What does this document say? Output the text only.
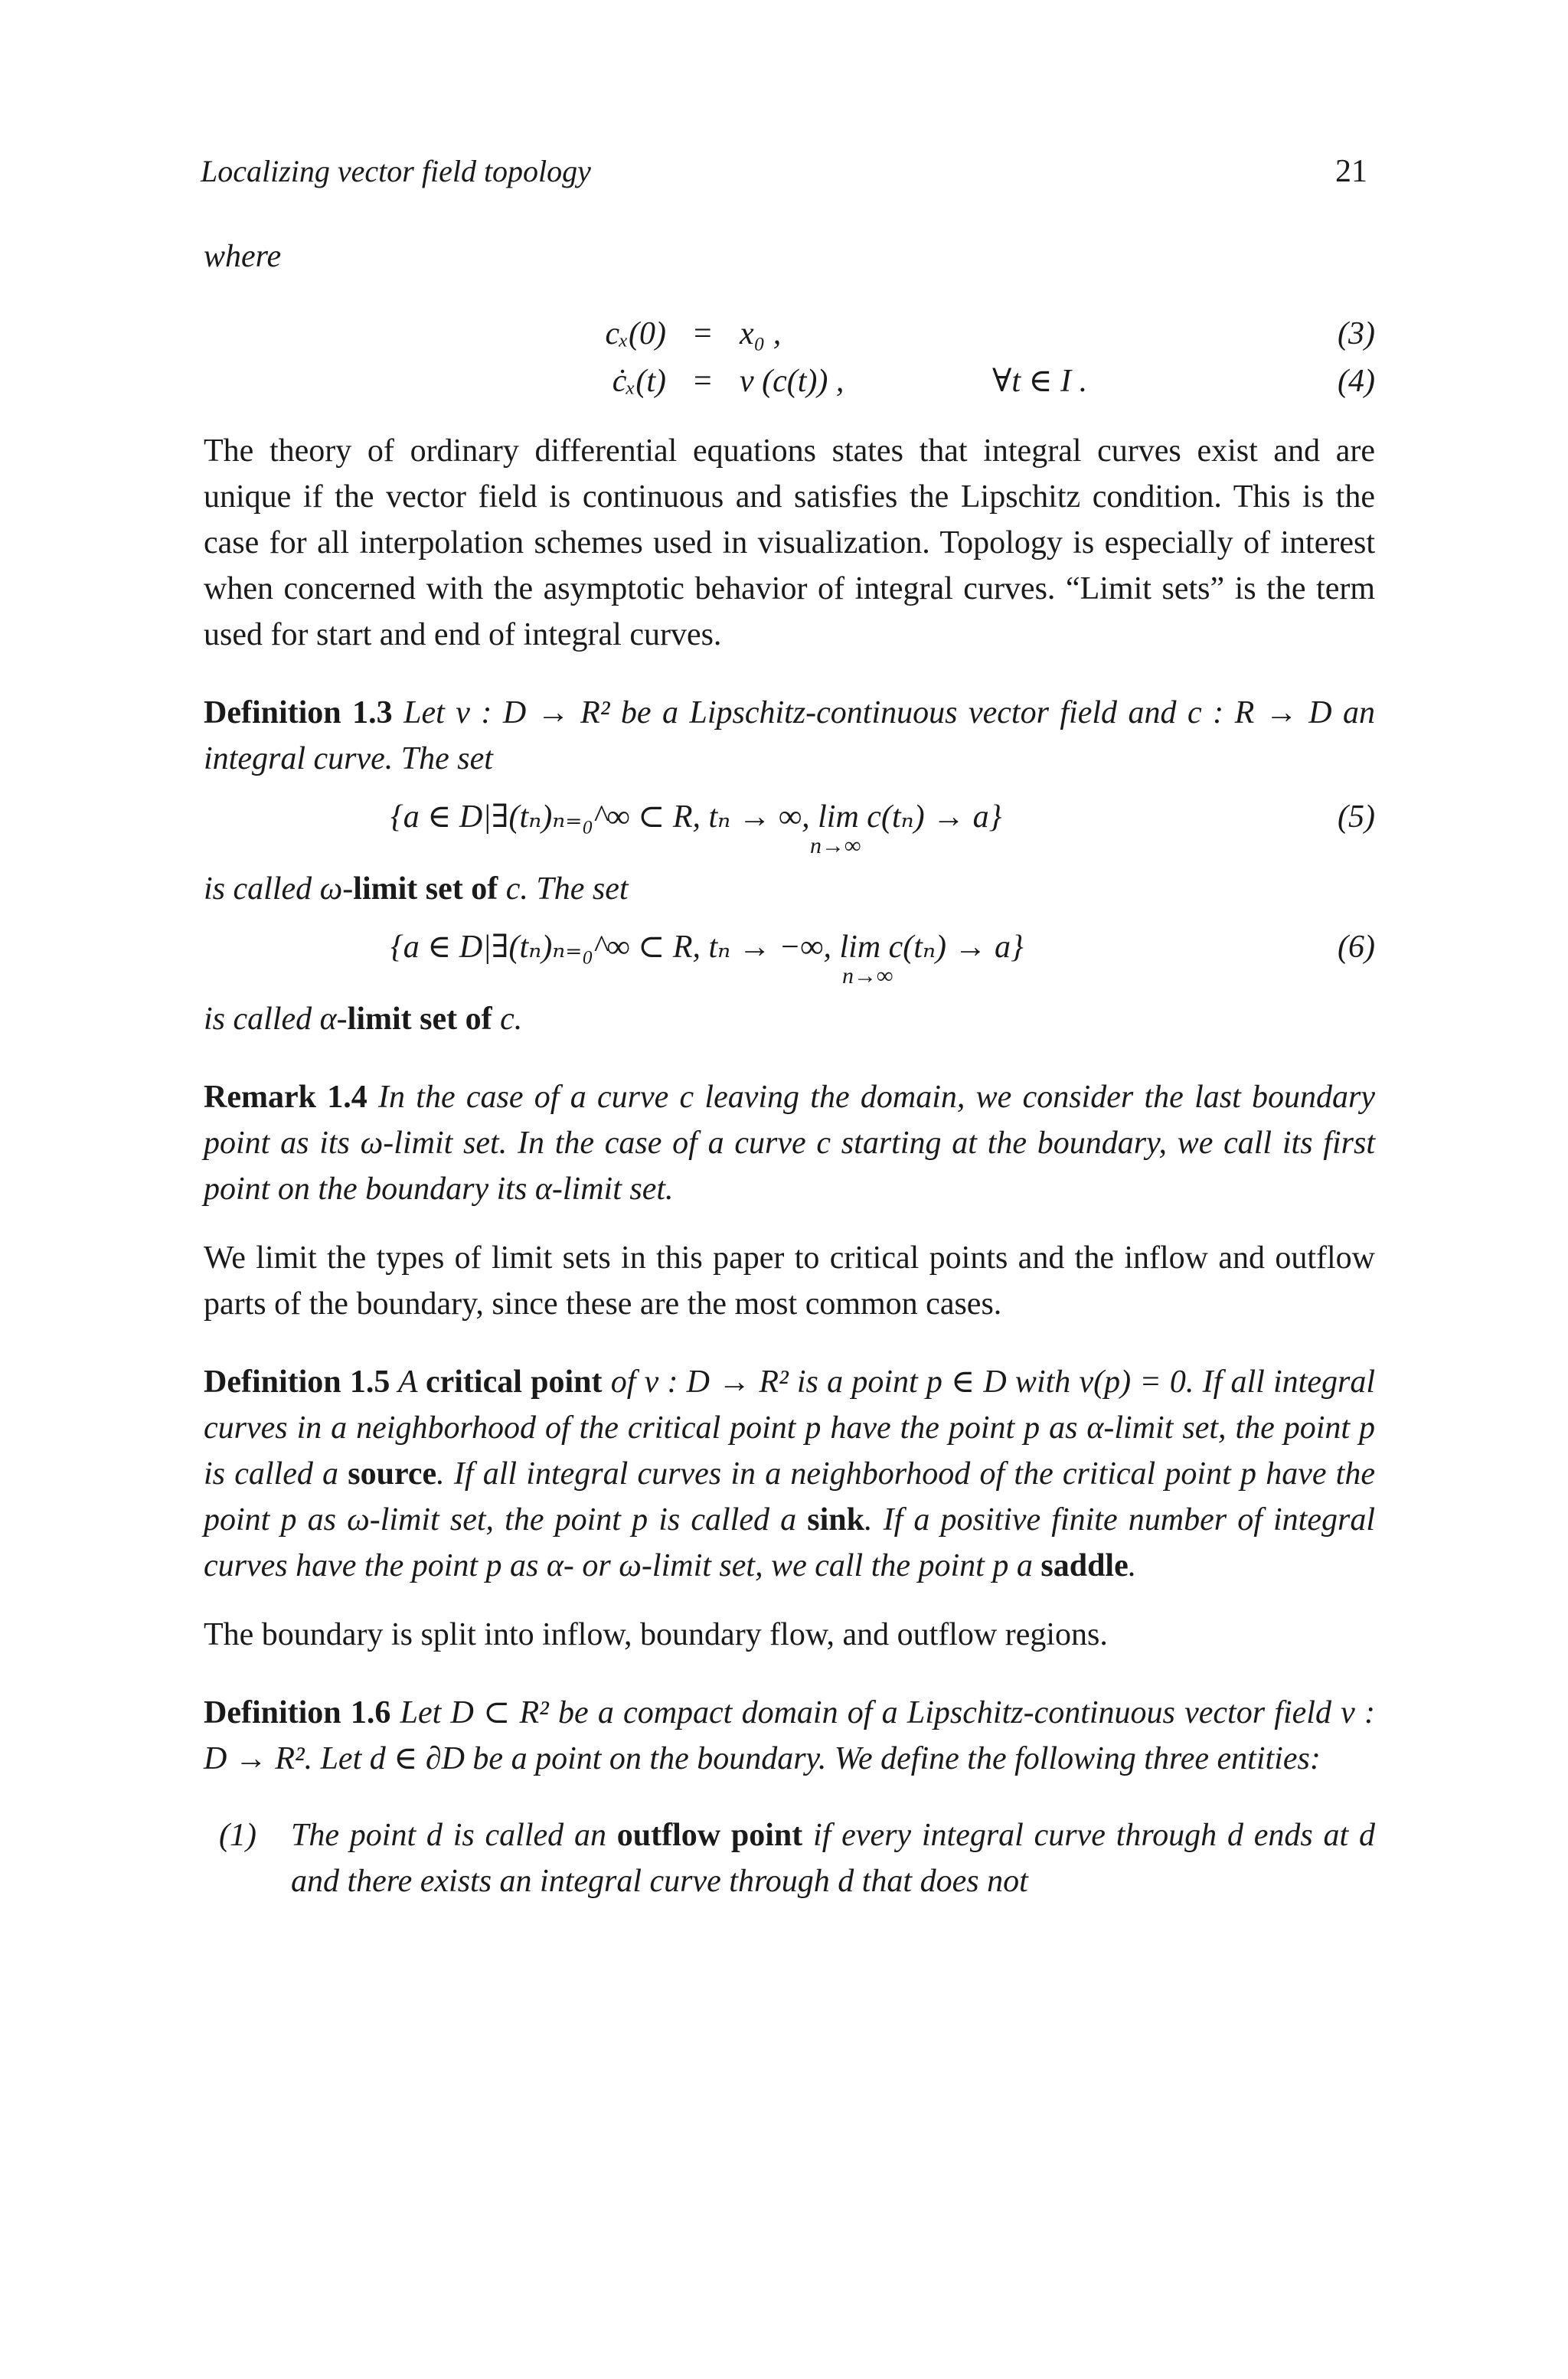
Localizing vector field topology	21

where

cₓ(0) = x₀ ,	(3)
ċₓ(t) = v (c(t)) ,	∀t ∈ I .	(4)

The theory of ordinary differential equations states that integral curves exist and are unique if the vector field is continuous and satisfies the Lipschitz condition. This is the case for all interpolation schemes used in visualization. Topology is especially of interest when concerned with the asymptotic behavior of integral curves. “Limit sets” is the term used for start and end of integral curves.

Definition 1.3 Let v : D → R² be a Lipschitz-continuous vector field and c : R → D an integral curve. The set

{a ∈ D|∃(tₙ)ₙ₌₀^∞ ⊂ R, tₙ → ∞, lim c(tₙ) → a}
n→∞
(5)

is called ω-limit set of c. The set

{a ∈ D|∃(tₙ)ₙ₌₀^∞ ⊂ R, tₙ → −∞, lim c(tₙ) → a}
n→∞
(6)

is called α-limit set of c.

Remark 1.4 In the case of a curve c leaving the domain, we consider the last boundary point as its ω-limit set. In the case of a curve c starting at the boundary, we call its first point on the boundary its α-limit set.

We limit the types of limit sets in this paper to critical points and the inflow and outflow parts of the boundary, since these are the most common cases.

Definition 1.5 A critical point of v : D → R² is a point p ∈ D with v(p) = 0. If all integral curves in a neighborhood of the critical point p have the point p as α-limit set, the point p is called a source. If all integral curves in a neighborhood of the critical point p have the point p as ω-limit set, the point p is called a sink. If a positive finite number of integral curves have the point p as α- or ω-limit set, we call the point p a saddle.

The boundary is split into inflow, boundary flow, and outflow regions.

Definition 1.6 Let D ⊂ R² be a compact domain of a Lipschitz-continuous vector field v : D → R². Let d ∈ ∂D be a point on the boundary. We define the following three entities:

(1) The point d is called an outflow point if every integral curve through d ends at d and there exists an integral curve through d that does not
